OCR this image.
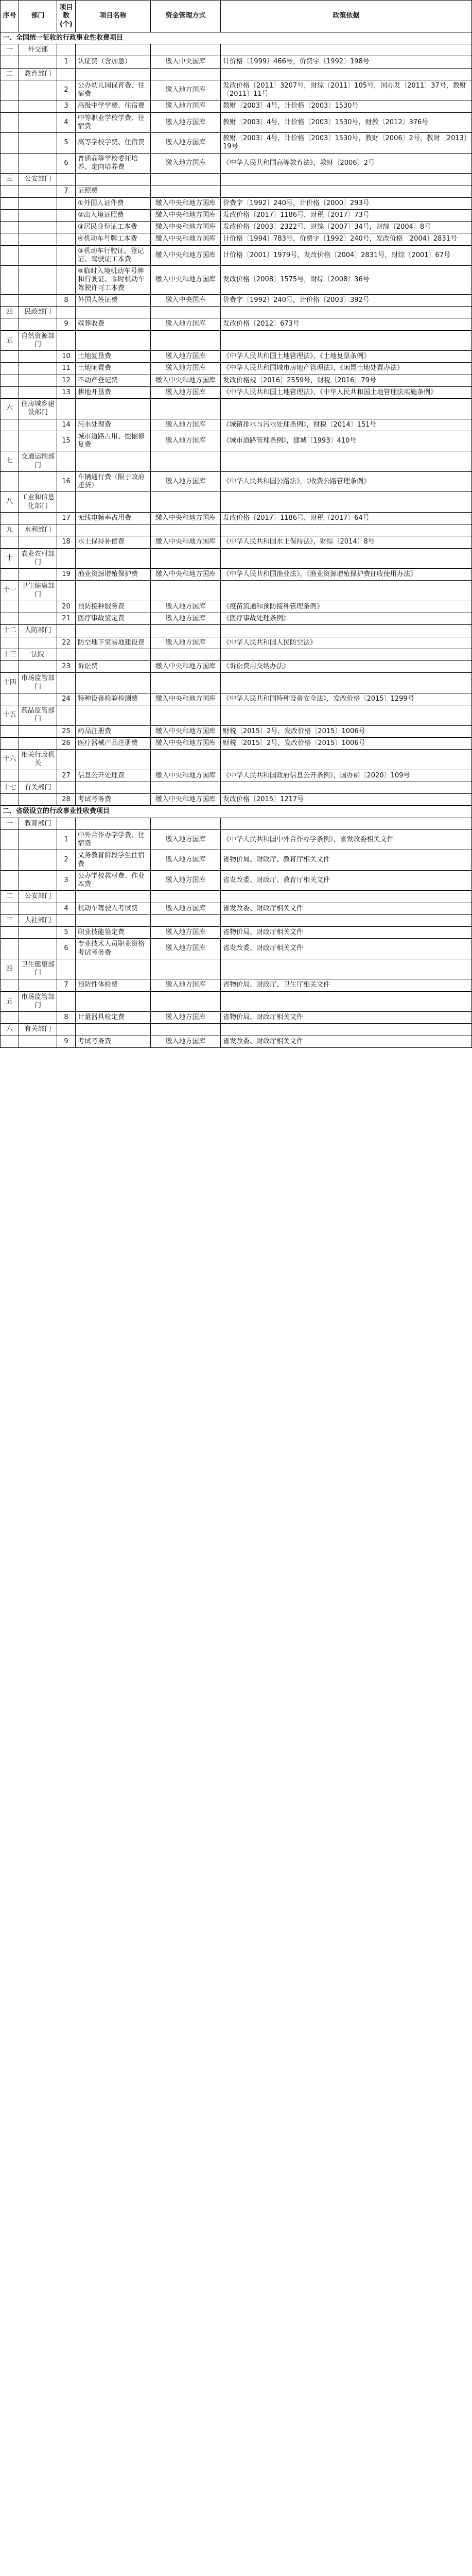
序号	部门	项目数(个)	项目名称	资金管理方式	政策依据
一、全国统一征收的行政事业性收费项目					
一	外交部				
		1	认证费（含加急）	缴入中央国库	计价格〔1999〕466号，价费字〔1992〕198号
二	教育部门				
		2	公办幼儿园保育费、住宿费	缴入地方国库	发改价格〔2011〕3207号，财综〔2011〕105号，国办发〔2011〕37号，教财〔2011〕11号
		3	高级中学学费、住宿费	缴入地方国库	教财〔2003〕4号，计价格〔2003〕1530号
		4	中等职业学校学费、住宿费	缴入地方国库	教财〔2003〕4号，计价格〔2003〕1530号，财教〔2012〕376号
		5	高等学校学费、住宿费	缴入地方国库	教财〔2003〕4号，计价格〔2003〕1530号，教财〔2006〕2号，教财〔2013〕19号
		6	普通高等学校委托培养、定向培养费	缴入地方国库	《中华人民共和国高等教育法》，教财〔2006〕2号
三	公安部门				
		7	证照费		
			①外国人证件费	缴入中央和地方国库	价费字〔1992〕240号，计价格〔2000〕293号
			②出入境证照费	缴入中央和地方国库	发改价格〔2017〕1186号，财税〔2017〕73号
			③居民身份证工本费	缴入中央和地方国库	发改价格〔2003〕2322号，财综〔2007〕34号，财综〔2004〕8号
			④机动车号牌工本费	缴入中央和地方国库	计价格〔1994〕783号，价费字〔1992〕240号，发改价格〔2004〕2831号
			⑤机动车行驶证、登记证、驾驶证工本费	缴入中央和地方国库	计价格〔2001〕1979号，发改价格〔2004〕2831号，财综〔2001〕67号
			⑥临时入境机动车号牌和行驶证、临时机动车驾驶许可工本费	缴入中央和地方国库	发改价格〔2008〕1575号，财综〔2008〕36号
		8	外国人签证费	缴入中央国库	价费字〔1992〕240号，计价格〔2003〕392号
四	民政部门				
		9	殡葬收费	缴入地方国库	发改价格〔2012〕673号
五	自然资源部门				
		10	土地复垦费	缴入地方国库	《中华人民共和国土地管理法》，《土地复垦条例》
		11	土地闲置费	缴入地方国库	《中华人民共和国城市房地产管理法》，《闲置土地处置办法》
		12	不动产登记费	缴入中央和地方国库	发改价格规〔2016〕2559号，财税〔2016〕79号
		13	耕地开垦费	缴入地方国库	《中华人民共和国土地管理法》，《中华人民共和国土地管理法实施条例》
六	住房城乡建设部门				
		14	污水处理费	缴入地方国库	《城镇排水与污水处理条例》，财税〔2014〕151号
		15	城市道路占用、挖掘修复费	缴入地方国库	《城市道路管理条例》，建城〔1993〕410号
七	交通运输部门				
		16	车辆通行费（限于政府还贷）	缴入地方国库	《中华人民共和国公路法》，《收费公路管理条例》
八	工业和信息化部门				
		17	无线电频率占用费	缴入中央和地方国库	发改价格〔2017〕1186号，财税〔2017〕64号
九	水利部门				
		18	水土保持补偿费	缴入中央和地方国库	《中华人民共和国水土保持法》，财综〔2014〕8号
十	农业农村部门				
		19	渔业资源增殖保护费	缴入中央和地方国库	《中华人民共和国渔业法》，《渔业资源增殖保护费征收使用办法》
十一	卫生健康部门				
		20	预防接种服务费	缴入地方国库	《疫苗流通和预防接种管理条例》
		21	医疗事故鉴定费	缴入地方国库	《医疗事故处理条例》
十二	人防部门				
		22	防空地下室易地建设费	缴入地方国库	《中华人民共和国人民防空法》
十三	法院				
		23	诉讼费	缴入中央和地方国库	《诉讼费用交纳办法》
十四	市场监管部门				
		24	特种设备检验检测费	缴入中央和地方国库	《中华人民共和国特种设备安全法》，发改价格〔2015〕1299号
十五	药品监管部门				
		25	药品注册费	缴入中央和地方国库	财税〔2015〕2号，发改价格〔2015〕1006号
		26	医疗器械产品注册费	缴入中央和地方国库	财税〔2015〕2号，发改价格〔2015〕1006号
十六	相关行政机关				
		27	信息公开处理费	缴入中央和地方国库	《中华人民共和国政府信息公开条例》，国办函〔2020〕109号
十七	有关部门				
		28	考试考务费	缴入中央和地方国库	发改价格〔2015〕1217号
二、省级设立的行政事业性收费项目					
一	教育部门				
		1	中外合作办学学费、住宿费	缴入地方国库	《中华人民共和国中外合作办学条例》，省发改委相关文件
		2	义务教育阶段学生住宿费	缴入地方国库	省物价局、财政厅、教育厅相关文件
		3	公办学校教材费、作业本费	缴入地方国库	省发改委、财政厅、教育厅相关文件
二	公安部门				
		4	机动车驾驶人考试费	缴入地方国库	省发改委、财政厅相关文件
三	人社部门				
		5	职业技能鉴定费	缴入地方国库	省物价局、财政厅相关文件
		6	专业技术人员职业资格考试考务费	缴入地方国库	省发改委、财政厅相关文件
四	卫生健康部门				
		7	预防性体检费	缴入地方国库	省物价局、财政厅、卫生厅相关文件
五	市场监管部门				
		8	计量器具检定费	缴入地方国库	省物价局、财政厅相关文件
六	有关部门				
		9	考试考务费	缴入地方国库	省发改委、财政厅相关文件
